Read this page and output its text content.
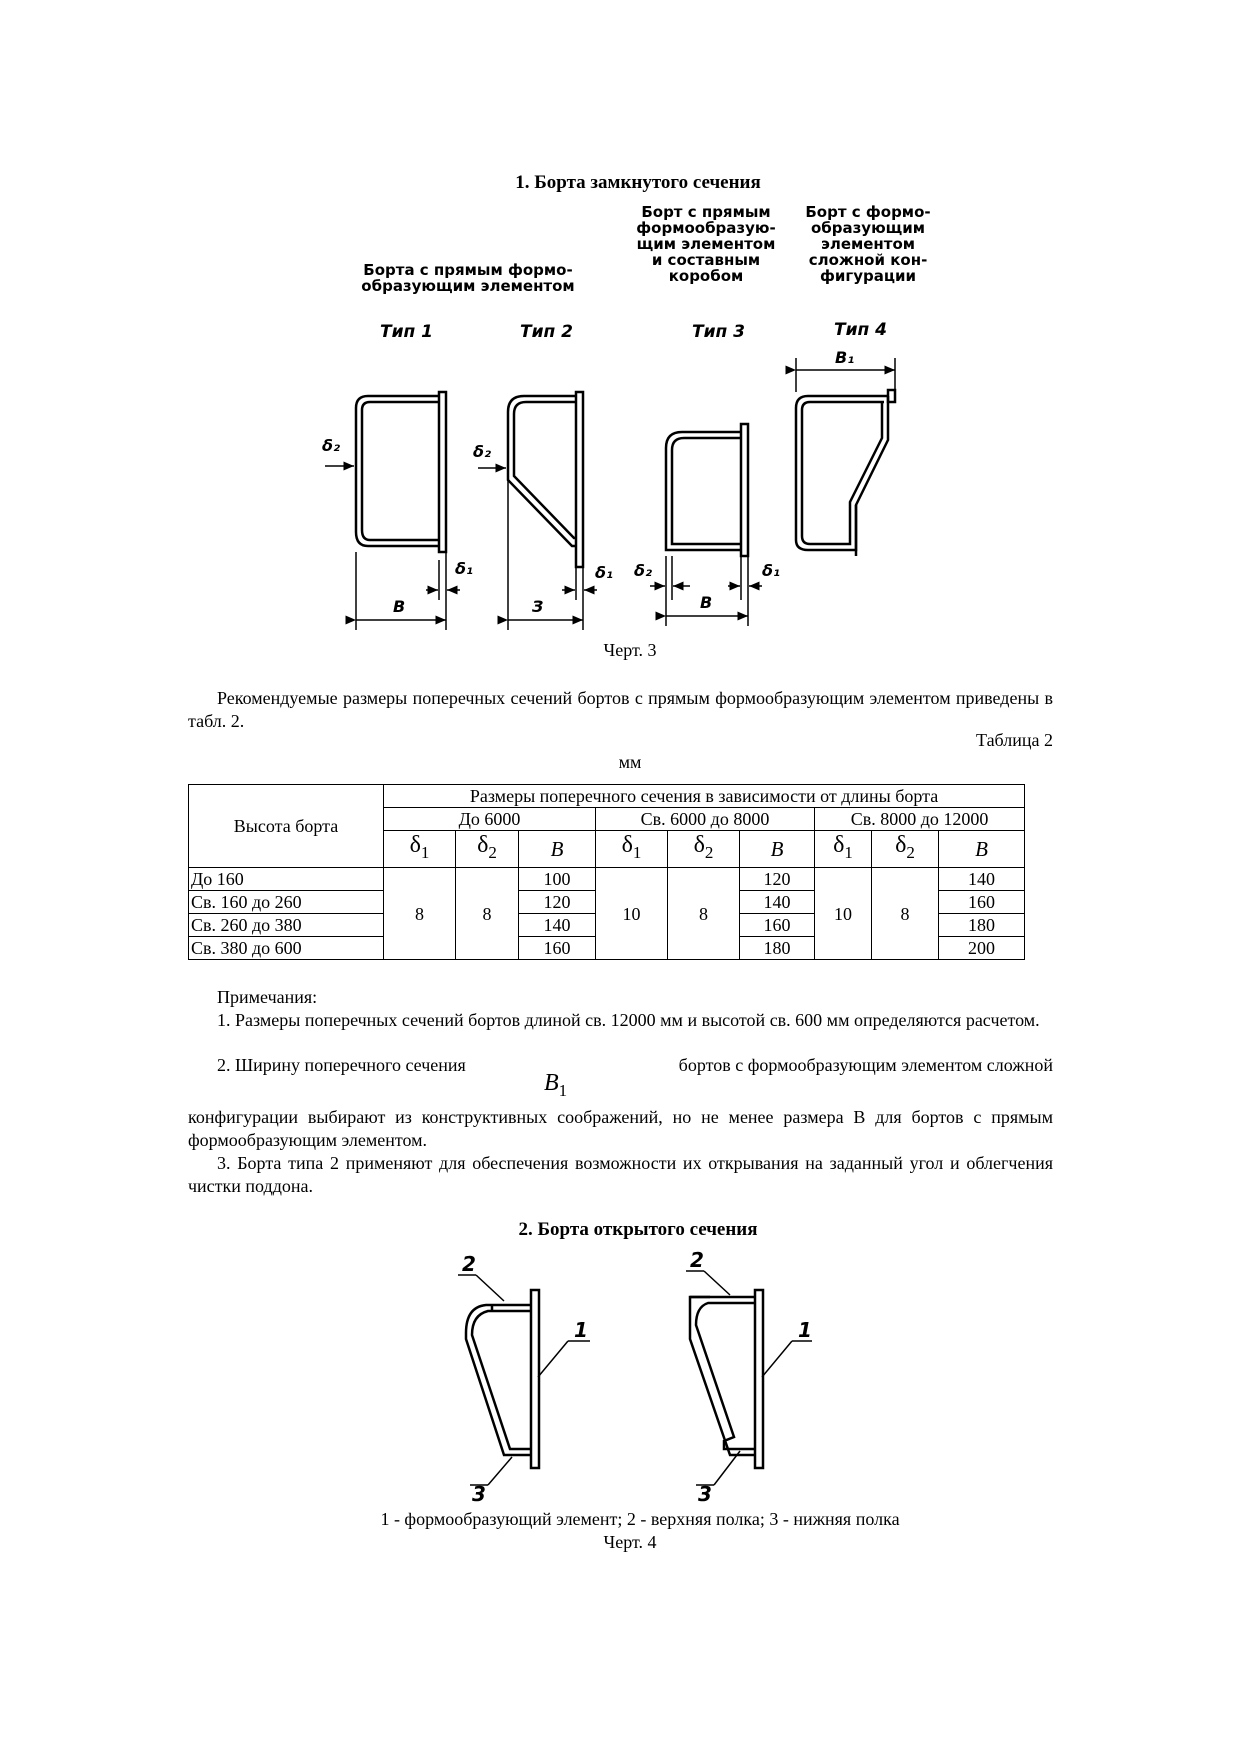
1. Борта замкнутого сечения
Борта с прямым формо-
образующим элементом
Борт с прямым
формообразую-
щим элементом
и составным
коробом
Борт с формо-
образующим
элементом
сложной кон-
фигурации
Тип 1	Тип 2	Тип 3	Тип 4
δ₂
δ₁
B
δ₂
δ₁
З
δ₂	δ₁
B
B₁
Черт. 3
Рекомендуемые размеры поперечных сечений бортов с прямым формообразующим элементом приведены в табл. 2.
Таблица 2
мм
Высота борта	Размеры поперечного сечения в зависимости от длины борта								
	До 6000			Св. 6000 до 8000			Св. 8000 до 12000		
	$\delta_1$	$\delta_2$	B	$\delta_1$	$\delta_2$	B	$\delta_1$	$\delta_2$	B
До 160	8	8	100	10	8	120	10	8	140
Св. 160 до 260			120			140			160
Св. 260 до 380			140			160			180
Св. 380 до 600			160			180			200
Примечания:
1. Размеры поперечных сечений бортов длиной св. 12000 мм и высотой св. 600 мм определяются расчетом.
2. Ширину поперечного сечения
$B_1$
бортов с формообразующим элементом сложной
конфигурации выбирают из конструктивных соображений, но не менее размера В для бортов с прямым формообразующим элементом.
3. Борта типа 2 применяют для обеспечения возможности их открывания на заданный угол и облегчения чистки поддона.
2. Борта открытого сечения
2
1
3
2
1
3
1 - формообразующий элемент; 2 - верхняя полка; 3 - нижняя полка
Черт. 4
